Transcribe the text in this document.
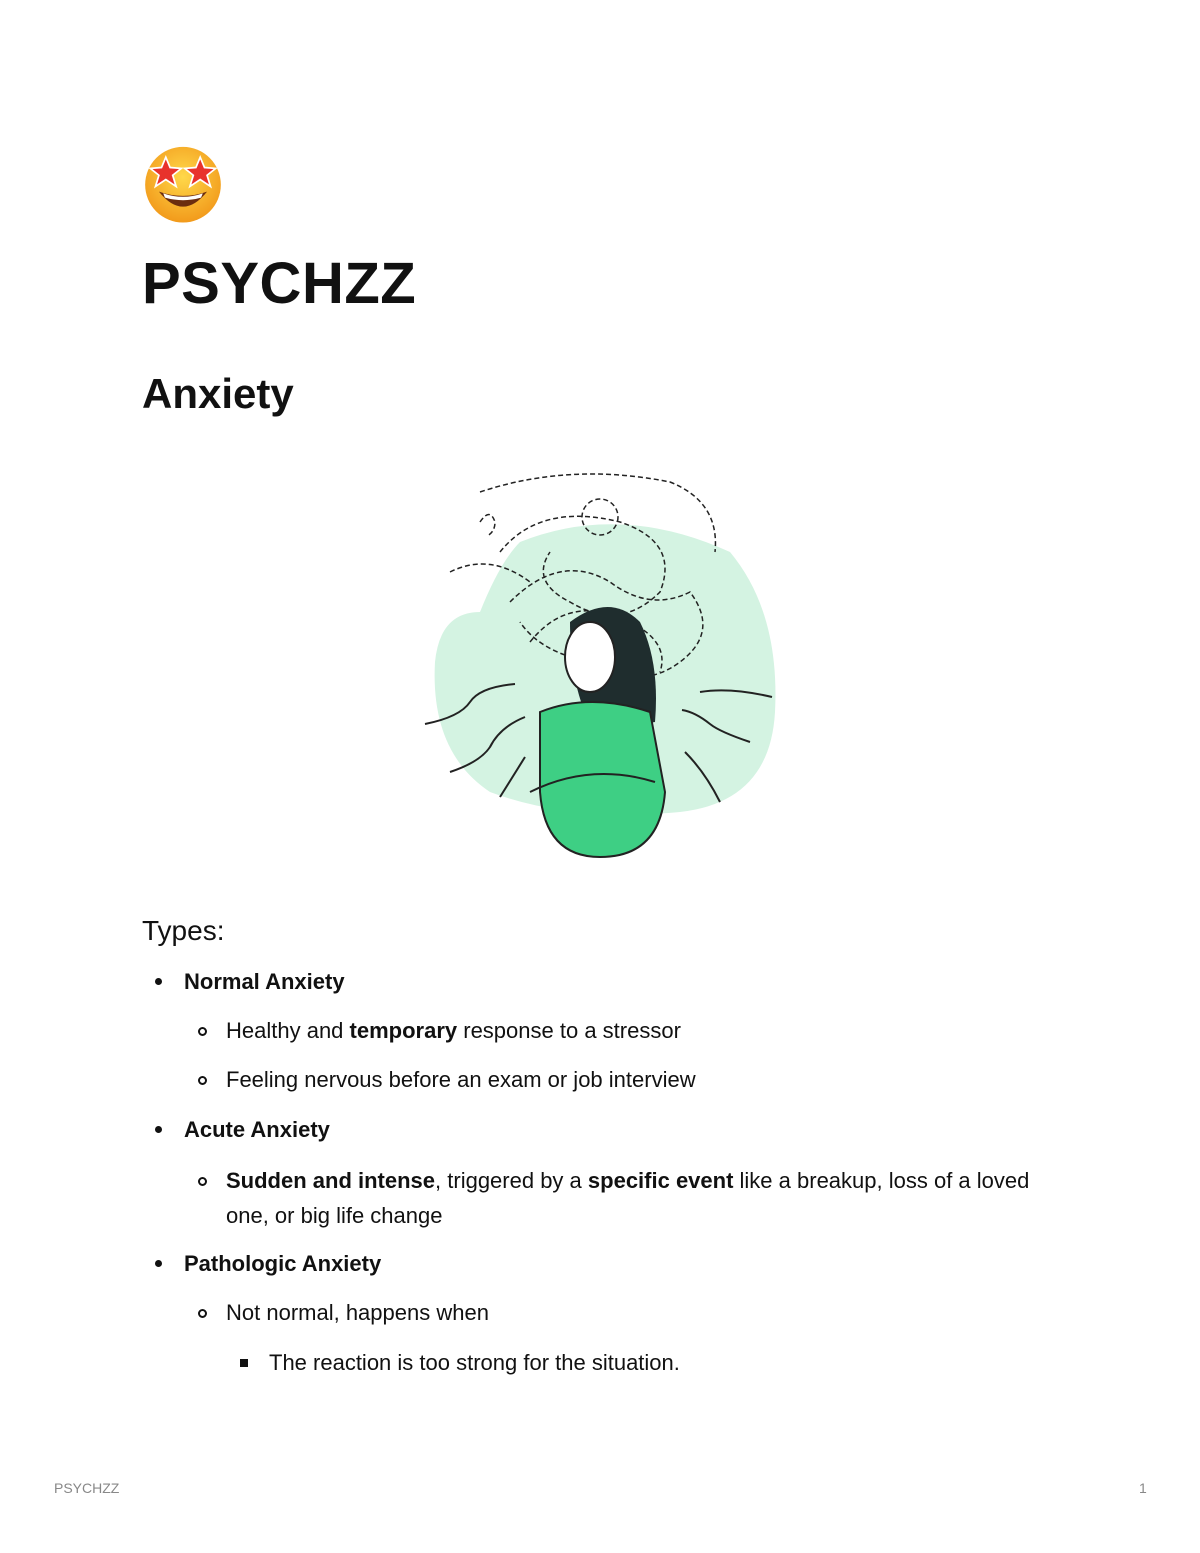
PSYCHZZ
Anxiety
Types:
Normal Anxiety
Healthy and temporary response to a stressor
Feeling nervous before an exam or job interview
Acute Anxiety
Sudden and intense, triggered by a specific event like a breakup, loss of a loved one, or big life change
Pathologic Anxiety
Not normal, happens when
The reaction is too strong for the situation.
PSYCHZZ	1
